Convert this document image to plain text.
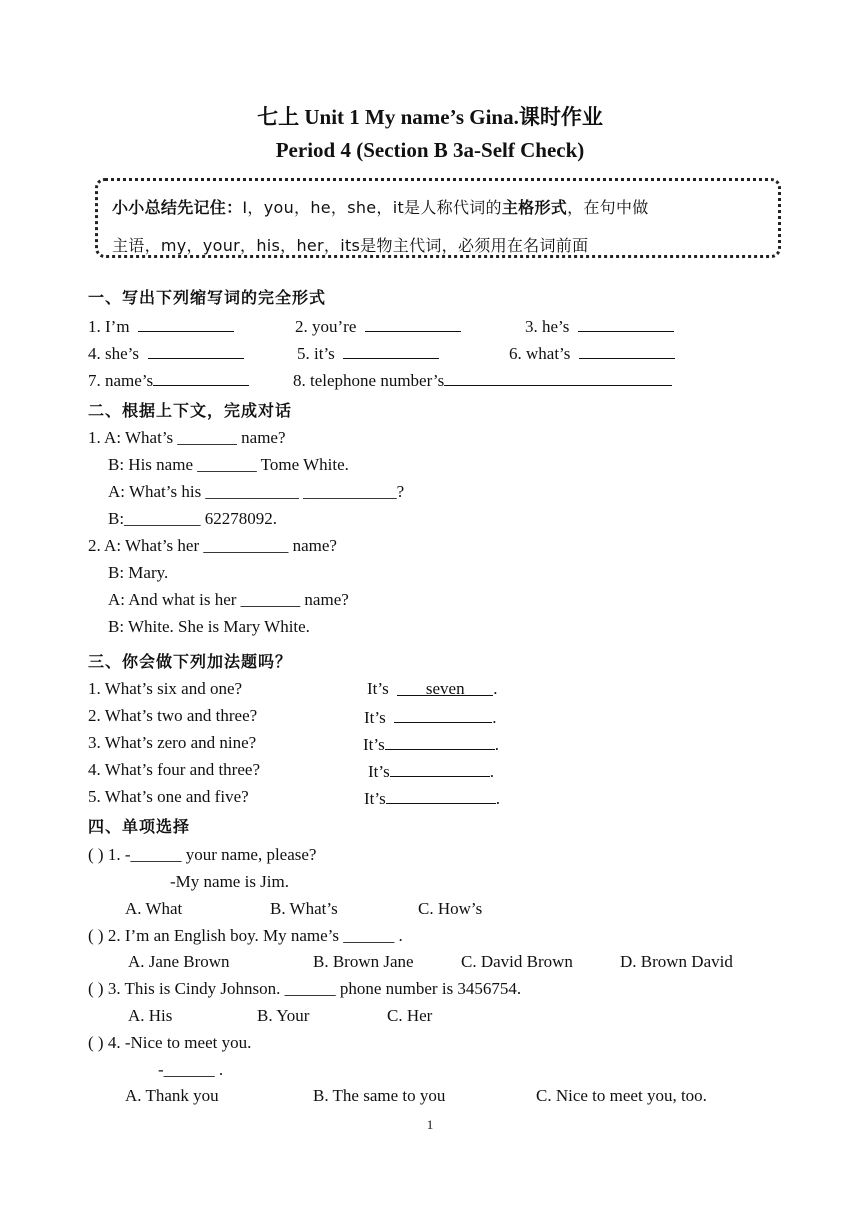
七上 Unit 1 My name’s Gina.课时作业
Period 4 (Section B 3a-Self Check)
小小总结先记住：I，you，he，she，it是人称代词的主格形式，在句中做
主语，my，your，his，her，its是物主代词，必须用在名词前面
一、写出下列缩写词的完全形式
1. I’m	2. you’re	3. he’s
4. she’s	5. it’s	6. what’s
7. name’s	8. telephone number’s
二、根据上下文，完成对话
1. A: What’s _______ name?
B: His name _______ Tome White.
A: What’s his ___________ ___________?
B:_________ 62278092.
2. A: What’s her __________ name?
B: Mary.
A: And what is her _______ name?
B: White. She is Mary White.
三、你会做下列加法题吗？
1. What’s six and one?	It’s seven .
2. What’s two and three?	It’s	.
3. What’s zero and nine?	It’s	.
4. What’s four and three?	It’s	.
5. What’s one and five?	It’s	.
四、单项选择
( ) 1. -______ your name, please?
-My name is Jim.
A. What	B. What’s	C. How’s
( ) 2. I’m an English boy. My name’s ______ .
A. Jane Brown	B. Brown Jane	C. David Brown	D. Brown David
( ) 3. This is Cindy Johnson. ______ phone number is 3456754.
A. His	B. Your	C. Her
( ) 4. -Nice to meet you.
-______ .
A. Thank you	B. The same to you	C. Nice to meet you, too.
1
